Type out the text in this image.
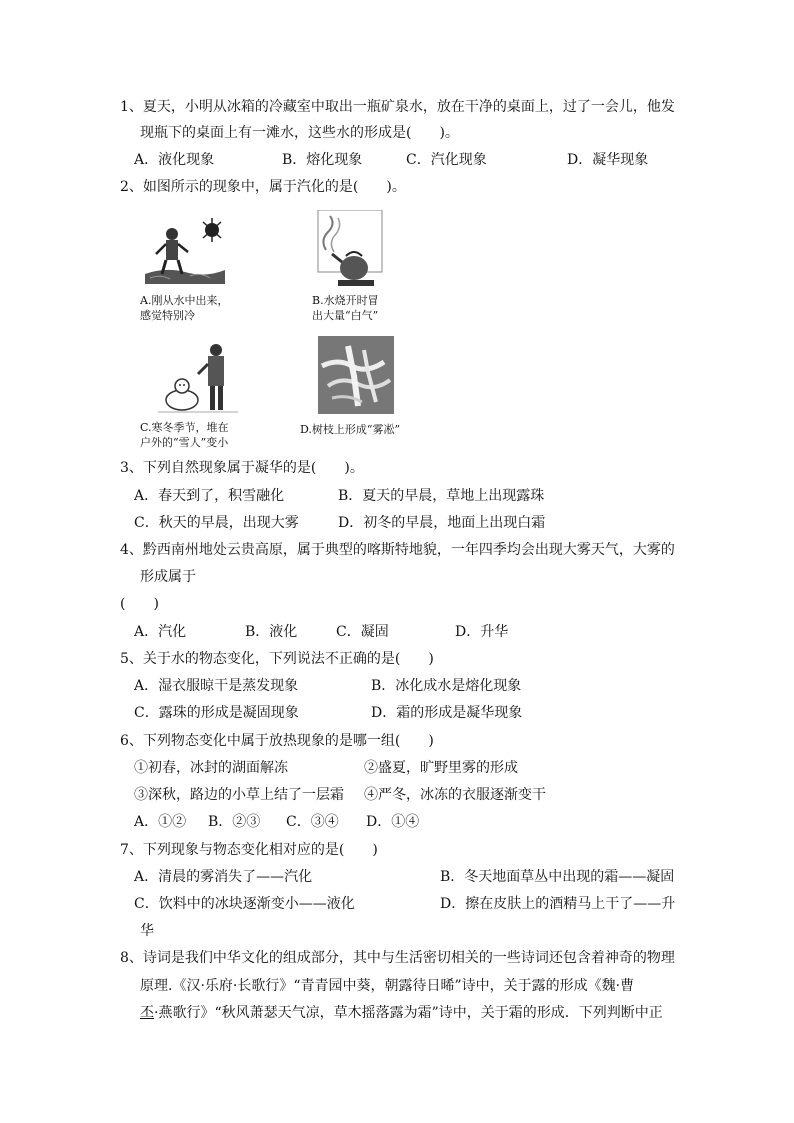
1、夏天，小明从冰箱的冷藏室中取出一瓶矿泉水，放在干净的桌面上，过了一会儿，他发
现瓶下的桌面上有一滩水，这些水的形成是(　　)。
A．液化现象	B．熔化现象	C．汽化现象	D．凝华现象
2、如图所示的现象中，属于汽化的是(　　)。
A.刚从水中出来，
感觉特别冷
B.水烧开时冒
出大量“白气”
C.寒冬季节，堆在
户外的“雪人”变小
D.树枝上形成“雾凇”
3、下列自然现象属于凝华的是(　　)。
A．春天到了，积雪融化	B．夏天的早晨，草地上出现露珠
C．秋天的早晨，出现大雾	D．初冬的早晨，地面上出现白霜
4、黔西南州地处云贵高原，属于典型的喀斯特地貌，一年四季均会出现大雾天气，大雾的
形成属于
(　　)
A．汽化	B．液化	C．凝固	D．升华
5、关于水的物态变化，下列说法不正确的是(　　)
A．湿衣服晾干是蒸发现象	B．冰化成水是熔化现象
C．露珠的形成是凝固现象	D．霜的形成是凝华现象
6、下列物态变化中属于放热现象的是哪一组(　　)
①初春，冰封的湖面解冻	②盛夏，旷野里雾的形成
③深秋，路边的小草上结了一层霜 ④严冬，冰冻的衣服逐渐变干
A．①② B．②③ C．③④ D．①④
7、下列现象与物态变化相对应的是(　　)
A．清晨的雾消失了——汽化	B．冬天地面草丛中出现的霜——凝固
C．饮料中的冰块逐渐变小——液化	D．擦在皮肤上的酒精马上干了——升
华
8、诗词是我们中华文化的组成部分，其中与生活密切相关的一些诗词还包含着神奇的物理
原理.《汉·乐府·长歌行》“青青园中葵，朝露待日晞”诗中，关于露的形成《魏·曹
丕·燕歌行》“秋风萧瑟天气凉，草木摇落露为霜”诗中，关于霜的形成．下列判断中正
